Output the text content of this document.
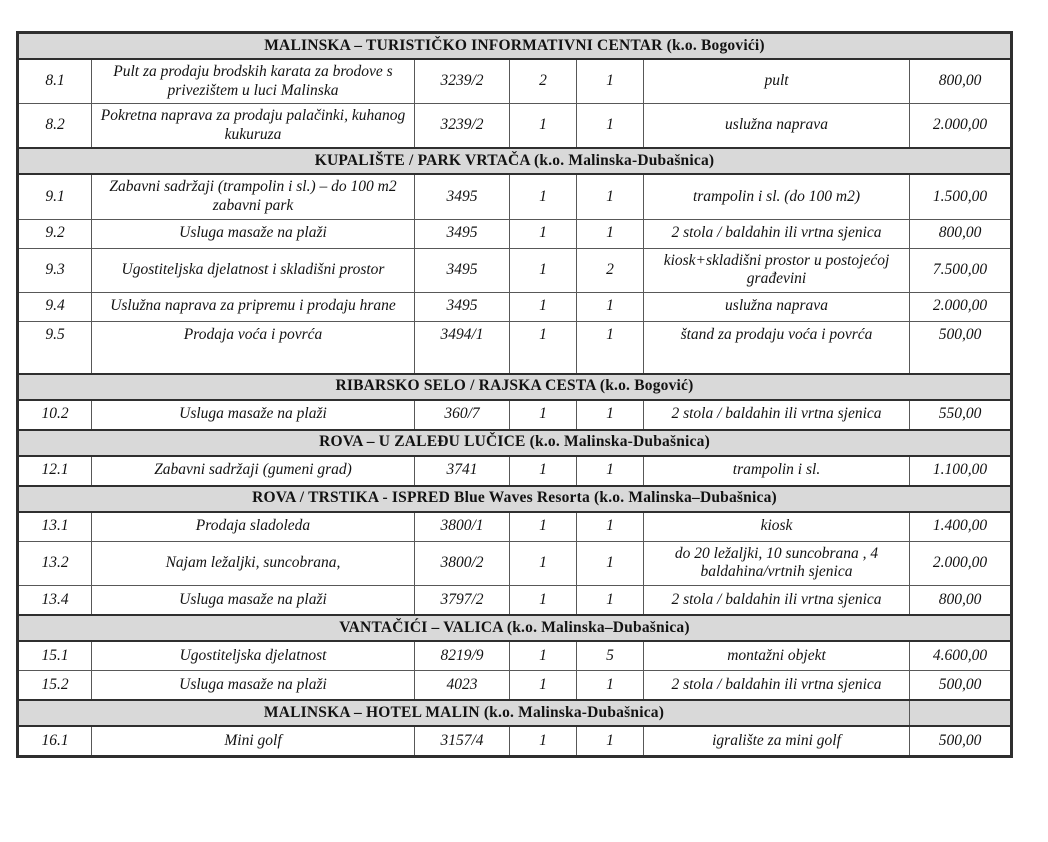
MALINSKA – TURISTIČKO INFORMATIVNI CENTAR (k.o. Bogovići)						
8.1	Pult za prodaju brodskih karata za brodove s privezištem u luci Malinska	3239/2	2	1	pult	800,00
8.2	Pokretna naprava za prodaju palačinki, kuhanog kukuruza	3239/2	1	1	uslužna naprava	2.000,00
KUPALIŠTE / PARK VRTAČA (k.o. Malinska-Dubašnica)						
9.1	Zabavni sadržaji (trampolin i sl.) – do 100 m2 zabavni park	3495	1	1	trampolin i sl. (do 100 m2)	1.500,00
9.2	Usluga masaže na plaži	3495	1	1	2 stola / baldahin ili vrtna sjenica	800,00
9.3	Ugostiteljska djelatnost i skladišni prostor	3495	1	2	kiosk+skladišni prostor u postojećoj građevini	7.500,00
9.4	Uslužna naprava za pripremu i prodaju hrane	3495	1	1	uslužna naprava	2.000,00
9.5	Prodaja voća i povrća	3494/1	1	1	štand za prodaju voća i povrća	500,00
RIBARSKO SELO / RAJSKA CESTA (k.o. Bogović)						
10.2	Usluga masaže na plaži	360/7	1	1	2 stola / baldahin ili vrtna sjenica	550,00
ROVA – U ZALEĐU LUČICE (k.o. Malinska-Dubašnica)						
12.1	Zabavni sadržaji (gumeni grad)	3741	1	1	trampolin i sl.	1.100,00
ROVA / TRSTIKA - ISPRED Blue Waves Resorta (k.o. Malinska–Dubašnica)						
13.1	Prodaja sladoleda	3800/1	1	1	kiosk	1.400,00
13.2	Najam ležaljki, suncobrana,	3800/2	1	1	do 20 ležaljki, 10 suncobrana , 4 baldahina/vrtnih sjenica	2.000,00
13.4	Usluga masaže na plaži	3797/2	1	1	2 stola / baldahin ili vrtna sjenica	800,00
VANTAČIĆI – VALICA (k.o. Malinska–Dubašnica)						
15.1	Ugostiteljska djelatnost	8219/9	1	5	montažni objekt	4.600,00
15.2	Usluga masaže na plaži	4023	1	1	2 stola / baldahin ili vrtna sjenica	500,00
MALINSKA – HOTEL MALIN (k.o. Malinska-Dubašnica)						
16.1	Mini golf	3157/4	1	1	igralište za mini golf	500,00
